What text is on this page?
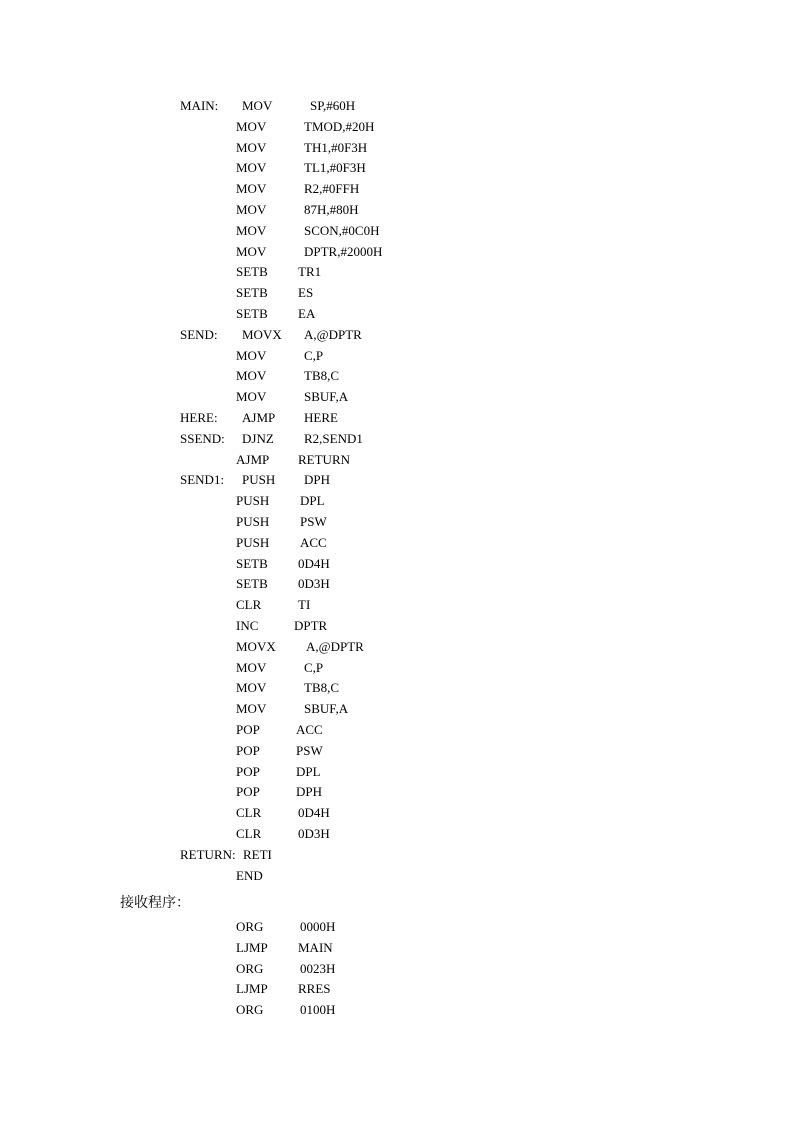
MAIN: MOV	SP,#60H
MOV	TMOD,#20H
MOV	TH1,#0F3H
MOV	TL1,#0F3H
MOV	R2,#0FFH
MOV	87H,#80H
MOV	SCON,#0C0H
MOV	DPTR,#2000H
SETB TR1
SETB ES
SETB EA
SEND: MOVX A,@DPTR
MOV	C,P
MOV	TB8,C
MOV	SBUF,A
HERE: AJMP HERE
SSEND: DJNZ R2,SEND1
AJMP RETURN
SEND1: PUSH DPH
PUSH DPL
PUSH PSW
PUSH ACC
SETB 0D4H
SETB 0D3H
CLR	TI
INC	DPTR
MOVX A,@DPTR
MOV	C,P
MOV	TB8,C
MOV	SBUF,A
POP	ACC
POP	PSW
POP	DPL
POP	DPH
CLR	0D4H
CLR	0D3H
RETURN: RETI
END
接收程序：
ORG	0000H
LJMP MAIN
ORG	0023H
LJMP RRES
ORG	0100H
